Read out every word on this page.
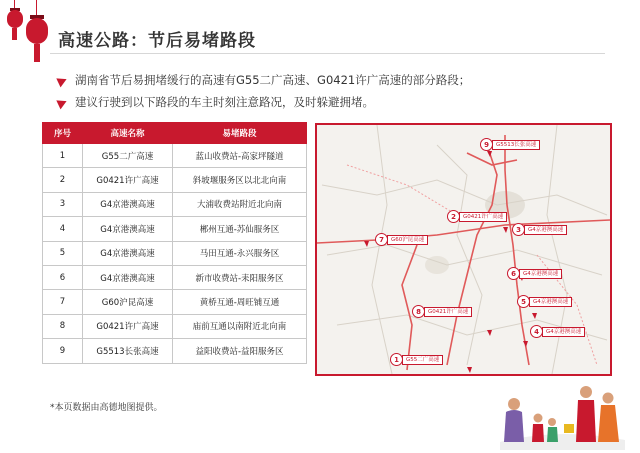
高速公路：节后易堵路段
湖南省节后易拥堵缓行的高速有G55二广高速、G0421许广高速的部分路段；
建议行驶到以下路段的车主时刻注意路况，及时躲避拥堵。
序号	高速名称	易堵路段
1	G55二广高速	蓝山收费站-高家坪隧道
2	G0421许广高速	斜坡堰服务区以北北向南
3	G4京港澳高速	大浦收费站附近北向南
4	G4京港澳高速	郴州互通-苏仙服务区
5	G4京港澳高速	马田互通-永兴服务区
6	G4京港澳高速	新市收费站-耒阳服务区
7	G60沪昆高速	黄桥互通-周旺铺互通
8	G0421许广高速	庙前互通以南附近北向南
9	G5513长张高速	益阳收费站-益阳服务区
9	G5513长张高速
2	G0421许广高速
3	G4京港澳高速
7	G60沪昆高速
6	G4京港澳高速
5	G4京港澳高速
8	G0421许广高速
4	G4京港澳高速
1	G55二广高速
*本页数据由高德地图提供。
